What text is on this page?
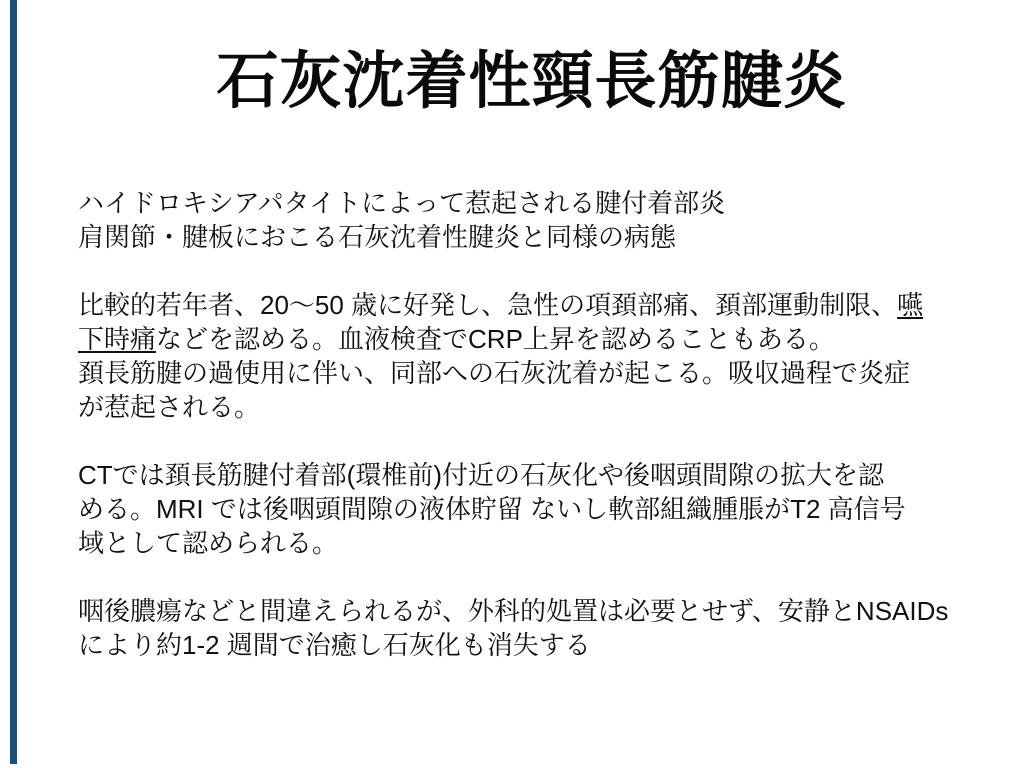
石灰沈着性頸長筋腱炎
ハイドロキシアパタイトによって惹起される腱付着部炎
肩関節・腱板におこる石灰沈着性腱炎と同様の病態
比較的若年者、20〜50 歳に好発し、急性の項頚部痛、頚部運動制限、嚥
下時痛などを認める。血液検査でCRP上昇を認めることもある。
頚長筋腱の過使用に伴い、同部への石灰沈着が起こる。吸収過程で炎症
が惹起される。
CTでは頚長筋腱付着部(環椎前)付近の石灰化や後咽頭間隙の拡大を認
める。MRI では後咽頭間隙の液体貯留 ないし軟部組織腫脹がT2 高信号
域として認められる。
咽後膿瘍などと間違えられるが、外科的処置は必要とせず、安静とNSAIDs
により約1-2 週間で治癒し石灰化も消失する
